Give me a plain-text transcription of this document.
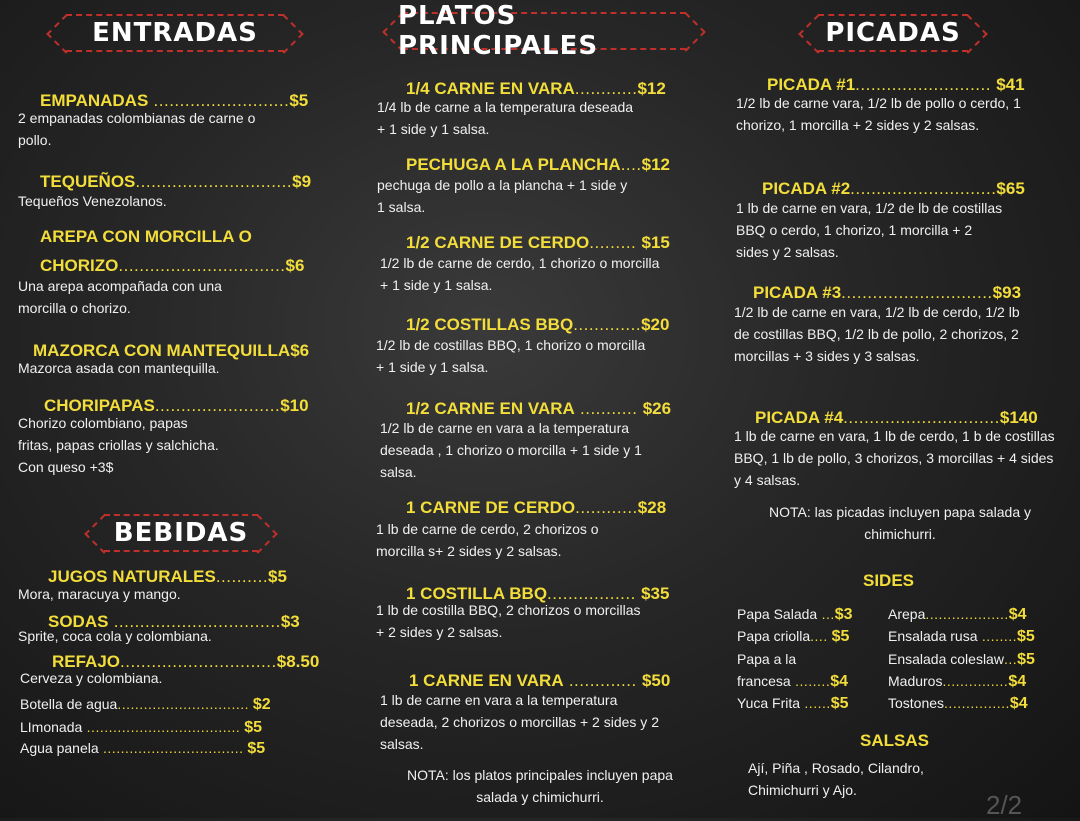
ENTRADAS
PLATOS PRINCIPALES	PICADAS
BEBIDAS
EMPANADAS ..........................$5
2 empanadas colombianas de carne o pollo.
TEQUEÑOS..............................$9
Tequeños Venezolanos.
AREPA CON MORCILLA O
CHORIZO................................$6
Una arepa acompañada con una morcilla o chorizo.
MAZORCA CON MANTEQUILLA$6
Mazorca asada con mantequilla.
CHORIPAPAS........................$10
Chorizo colombiano, papas
fritas, papas criollas y salchicha.
Con queso +3$
JUGOS NATURALES..........$5
Mora, maracuya y mango.
SODAS ................................$3
Sprite, coca cola y colombiana.
REFAJO..............................$8.50
Cerveza y colombiana.
Botella de agua.............................. $2
LImonada ................................... $5
Agua panela ................................ $5
1/4 CARNE EN VARA............$12
1/4 lb de carne a la temperatura deseada + 1 side y 1 salsa.
PECHUGA A LA PLANCHA....$12
pechuga de pollo a la plancha + 1 side y 1 salsa.
1/2 CARNE DE CERDO......... $15
1/2 lb de carne de cerdo, 1 chorizo o morcilla + 1 side y 1 salsa.
1/2 COSTILLAS BBQ.............$20
1/2 lb de costillas BBQ, 1 chorizo o morcilla + 1 side y 1 salsa.
1/2 CARNE EN VARA ........... $26
1/2 lb de carne en vara a la temperatura deseada , 1 chorizo o morcilla + 1 side y 1 salsa.
1 CARNE DE CERDO............$28
1 lb de carne de cerdo, 2 chorizos o morcilla s+ 2 sides y 2 salsas.
1 COSTILLA BBQ................. $35
1 lb de costilla BBQ, 2 chorizos o morcillas + 2 sides y 2 salsas.
1 CARNE EN VARA ............. $50
1 lb de carne en vara a la temperatura deseada, 2 chorizos o morcillas + 2 sides y 2 salsas.
NOTA: los platos principales incluyen papa salada y chimichurri.
PICADA #1.......................... $41
1/2 lb de carne vara, 1/2 lb de pollo o cerdo, 1 chorizo, 1 morcilla + 2 sides y 2 salsas.
PICADA #2............................$65
1 lb de carne en vara, 1/2 de lb de costillas BBQ o cerdo, 1 chorizo, 1 morcilla + 2 sides y 2 salsas.
PICADA #3.............................$93
1/2 lb de carne en vara, 1/2 lb de cerdo, 1/2 lb de costillas BBQ, 1/2 lb de pollo, 2 chorizos, 2 morcillas + 3 sides y 3 salsas.
PICADA #4..............................$140
1 lb de carne en vara, 1 lb de cerdo, 1 b de costillas BBQ, 1 lb de pollo, 3 chorizos, 3 morcillas + 4 sides y 4 salsas.
NOTA: las picadas incluyen papa salada y chimichurri.
SIDES
Papa Salada ...$3
Papa criolla.... $5
Papa a la
francesa ........$4
Yuca Frita ......$5
Arepa...................$4
Ensalada rusa ........$5
Ensalada coleslaw...$5
Maduros...............$4
Tostones...............$4
SALSAS
Ají, Piña , Rosado, Cilandro, Chimichurri y Ajo.	2/2
